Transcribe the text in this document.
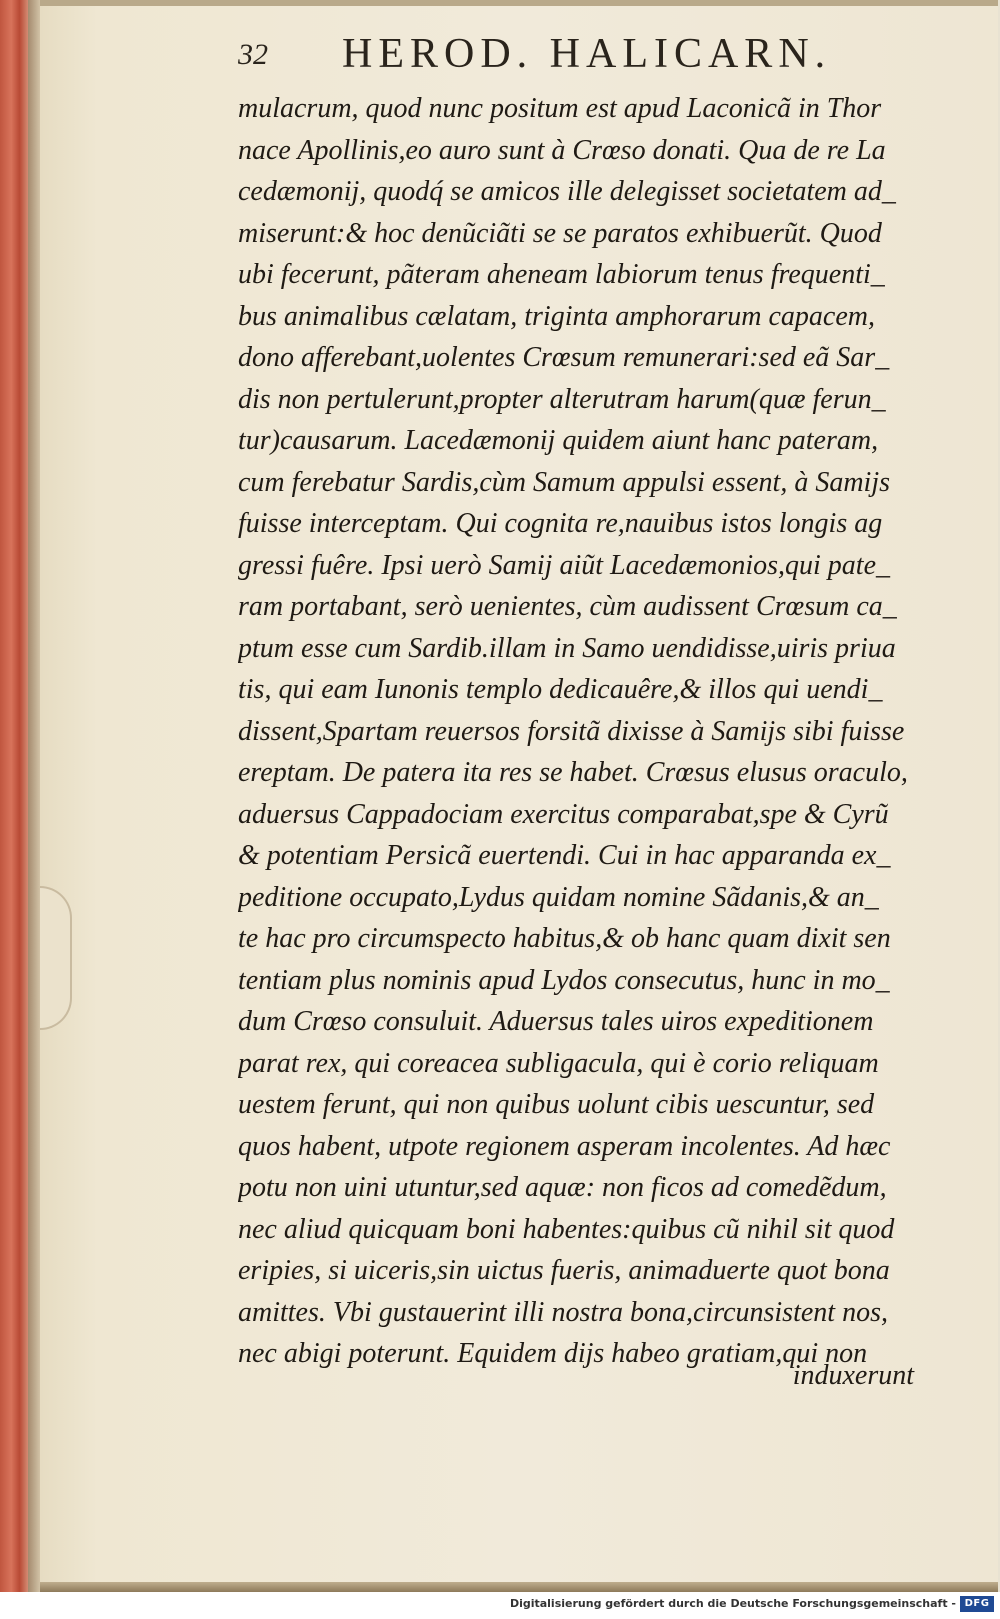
32 HEROD. HALICARN.
mulacrum, quod nunc positum est apud Laconicã in Thor
nace Apollinis,eo auro sunt à Crœso donati. Qua de re La
cedæmonij, quodq́ se amicos ille delegisset societatem ad_
miserunt:& hoc denũciãti se se paratos exhibuerũt. Quod
ubi fecerunt, pãteram aheneam labiorum tenus frequenti_
bus animalibus cælatam, triginta amphorarum capacem,
dono afferebant,uolentes Crœsum remunerari:sed eã Sar_
dis non pertulerunt,propter alterutram harum(quæ ferun_
tur)causarum. Lacedæmonij quidem aiunt hanc pateram,
cum ferebatur Sardis,cùm Samum appulsi essent, à Samijs
fuisse interceptam. Qui cognita re,nauibus istos longis ag
gressi fuêre. Ipsi uerò Samij aiũt Lacedæmonios,qui pate_
ram portabant, serò uenientes, cùm audissent Crœsum ca_
ptum esse cum Sardib.illam in Samo uendidisse,uiris priua
tis, qui eam Iunonis templo dedicauêre,& illos qui uendi_
dissent,Spartam reuersos forsitã dixisse à Samijs sibi fuisse
ereptam. De patera ita res se habet. Crœsus elusus oraculo,
aduersus Cappadociam exercitus comparabat,spe & Cyrũ
& potentiam Persicã euertendi. Cui in hac apparanda ex_
peditione occupato,Lydus quidam nomine Sãdanis,& an_
te hac pro circumspecto habitus,& ob hanc quam dixit sen
tentiam plus nominis apud Lydos consecutus, hunc in mo_
dum Crœso consuluit. Aduersus tales uiros expeditionem
parat rex, qui coreacea subligacula, qui è corio reliquam
uestem ferunt, qui non quibus uolunt cibis uescuntur, sed
quos habent, utpote regionem asperam incolentes. Ad hæc
potu non uini utuntur,sed aquæ: non ficos ad comedẽdum,
nec aliud quicquam boni habentes:quibus cũ nihil sit quod
eripies, si uiceris,sin uictus fueris, animaduerte quot bona
amittes. Vbi gustauerint illi nostra bona,circunsistent nos,
nec abigi poterunt. Equidem dijs habeo gratiam,qui non
induxerunt
Digitalisierung gefördert durch die Deutsche Forschungsgemeinschaft - DFG
